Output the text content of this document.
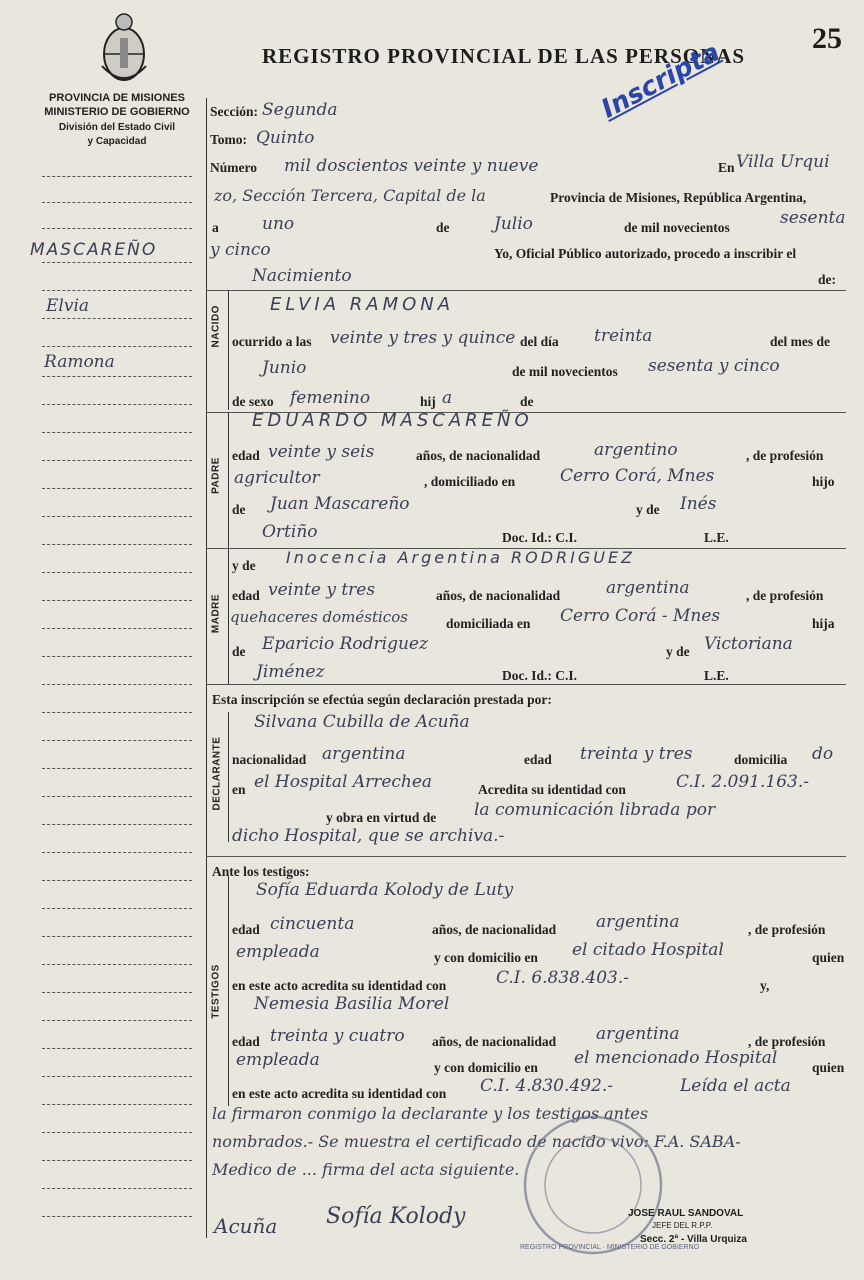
PROVINCIA DE MISIONES
MINISTERIO DE GOBIERNO
División del Estado Civil
y Capacidad
REGISTRO PROVINCIAL DE LAS PERSONAS
25
Inscripta
MASCAREÑO
Elvia
Ramona
Sección: Segunda
Tomo: Quinto
Número mil doscientos veinte y nueve	En Villa Urqui
zo, Sección Tercera, Capital de la	Provincia de Misiones, República Argentina,
a	uno	de	Julio	de mil novecientos	sesenta
y cinco	Yo, Oficial Público autorizado, procedo a inscribir el
Nacimiento	de:
NACIDO
ELVIA RAMONA
ocurrido a las veinte y tres y quince del día treinta	del mes de
Junio	de mil novecientos sesenta y cinco
de sexo femenino	hij a	de
PADRE
EDUARDO MASCAREÑO
edad veinte y seis	años, de nacionalidad	argentino	, de profesión
agricultor	, domiciliado en	Cerro Corá, Mnes	hijo
de Juan Mascareño	y de Inés
Ortiño	Doc. Id.: C.I.	L.E.
MADRE
y de Inocencia Argentina RODRIGUEZ
edad veinte y tres	años, de nacionalidad	argentina	, de profesión
quehaceres domésticos	domiciliada en Cerro Corá - Mnes	hija
de Eparicio Rodriguez	y de Victoriana
Jiménez	Doc. Id.: C.I.	L.E.
Esta inscripción se efectúa según declaración prestada por:
DECLARANTE
Silvana Cubilla de Acuña
nacionalidad argentina	edad treinta y tres	domicilia do
en el Hospital Arrechea	Acredita su identidad con	C.I. 2.091.163.-
y obra en virtud de la comunicación librada por
dicho Hospital, que se archiva.-
Ante los testigos:
TESTIGOS
Sofía Eduarda Kolody de Luty
edad cincuenta	años, de nacionalidad argentina	, de profesión
empleada	y con domicilio en el citado Hospital	quien
en este acto acredita su identidad con	C.I. 6.838.403.-	y,
Nemesia Basilia Morel
edad treinta y cuatro años, de nacionalidad argentina	, de profesión
empleada	y con domicilio en el mencionado Hospital	quien
en este acto acredita su identidad con C.I. 4.830.492.-	Leída el acta
la firmaron conmigo la declarante y los testigos antes
nombrados.- Se muestra el certificado de nacido vivo: F.A. SABA-
Medico de ... firma del acta siguiente.
Acuña Sofía Kolody
REGISTRO PROVINCIAL · MINISTERIO DE GOBIERNO
JOSE RAUL SANDOVAL
JEFE DEL R.P.P.
Secc. 2ª - Villa Urquiza
